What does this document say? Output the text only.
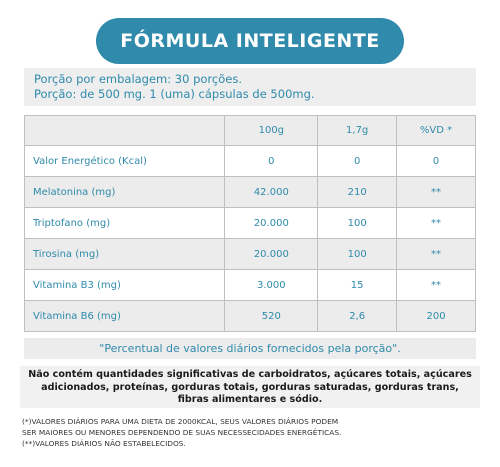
FÓRMULA INTELIGENTE
Porção por embalagem: 30 porções.
Porção: de 500 mg. 1 (uma) cápsulas de 500mg.
	100g	1,7g	%VD *
Valor Energético (Kcal)	0	0	0
Melatonina (mg)	42.000	210	**
Triptofano (mg)	20.000	100	**
Tirosina (mg)	20.000	100	**
Vitamina B3 (mg)	3.000	15	**
Vitamina B6 (mg)	520	2,6	200
"Percentual de valores diários fornecidos pela porção".
Não contém quantidades significativas de carboidratos, açúcares totais, açúcares
adicionados, proteínas, gorduras totais, gorduras saturadas, gorduras trans,
fibras alimentares e sódio.
(*)VALORES DIÁRIOS PARA UMA DIETA DE 2000KCAL, SEUS VALORES DIÁRIOS PODEM
SER MAIORES OU MENORES DEPENDENDO DE SUAS NECESSECIDADES ENERGÉTICAS.
(**)VALORES DIÁRIOS NÃO ESTABELECIDOS.
